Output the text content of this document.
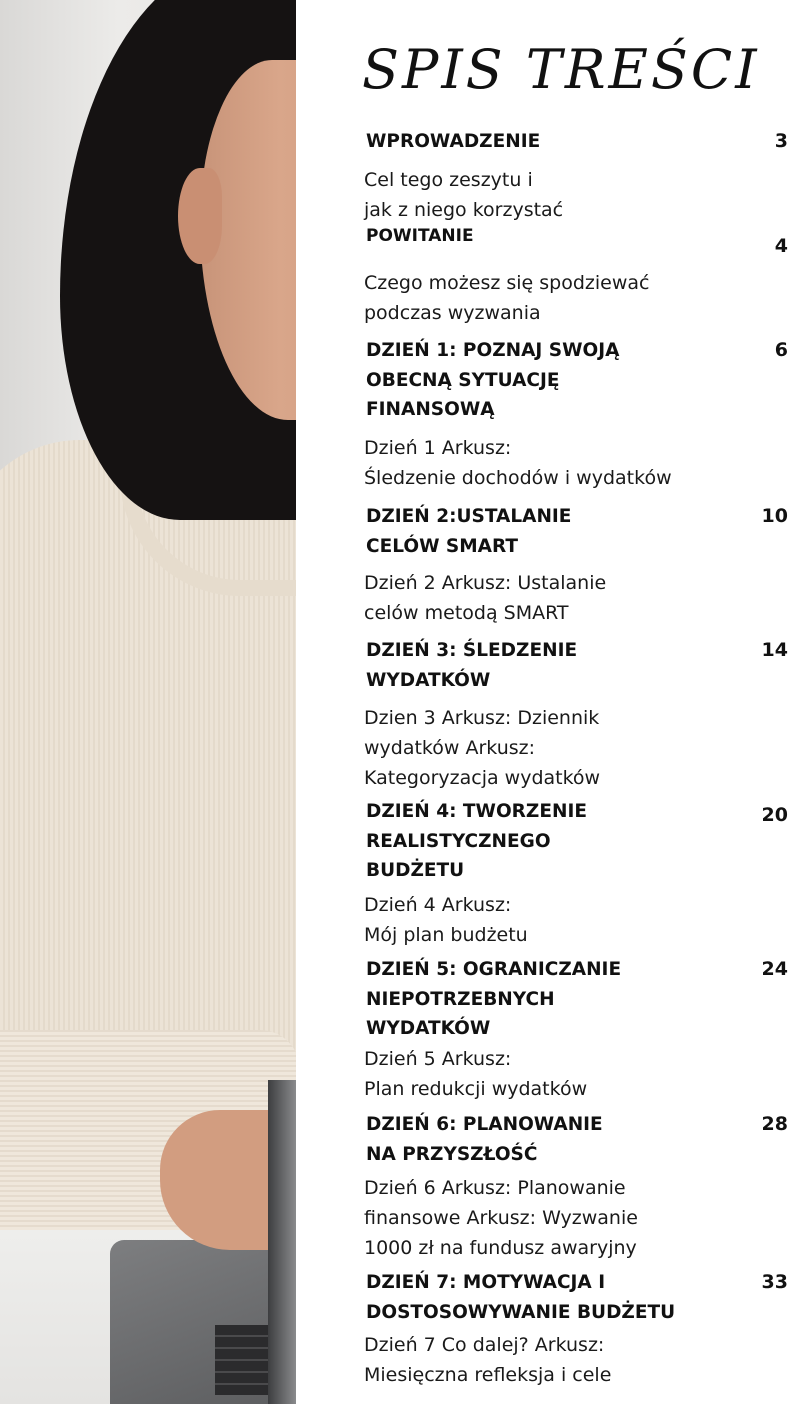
SPIS TREŚCI

WPROWADZENIE	3

Cel tego zeszytu i
jak z niego korzystać

POWITANIE	4

Czego możesz się spodziewać
podczas wyzwania

DZIEŃ 1: POZNAJ SWOJĄ
OBECNĄ SYTUACJĘ
FINANSOWĄ

6

Dzień 1 Arkusz:
Śledzenie dochodów i wydatków

DZIEŃ 2:USTALANIE
CELÓW SMART

10

Dzień 2 Arkusz: Ustalanie
celów metodą SMART

DZIEŃ 3: ŚLEDZENIE
WYDATKÓW

14

Dzien 3 Arkusz: Dziennik
wydatków Arkusz:
Kategoryzacja wydatków

DZIEŃ 4: TWORZENIE
REALISTYCZNEGO
BUDŻETU

20

Dzień 4 Arkusz:
Mój plan budżetu

DZIEŃ 5: OGRANICZANIE
NIEPOTRZEBNYCH
WYDATKÓW

24

Dzień 5 Arkusz:
Plan redukcji wydatków

DZIEŃ 6: PLANOWANIE
NA PRZYSZŁOŚĆ

28

Dzień 6 Arkusz: Planowanie
finansowe Arkusz: Wyzwanie
1000 zł na fundusz awaryjny

DZIEŃ 7: MOTYWACJA I
DOSTOSOWYWANIE BUDŻETU

33

Dzień 7 Co dalej? Arkusz:
Miesięczna refleksja i cele
